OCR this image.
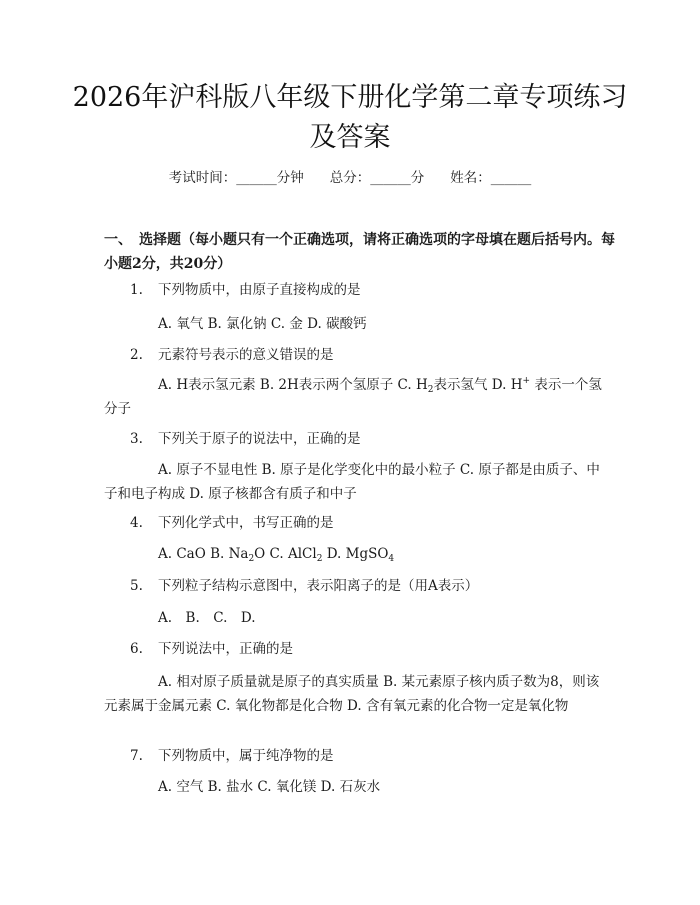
2026年沪科版八年级下册化学第二章专项练习及答案
考试时间：______分钟 总分：______分 姓名：______
一、　选择题（每小题只有一个正确选项，请将正确选项的字母填在题后括号内。每小题2分，共20分）
1. 下列物质中，由原子直接构成的是
A. 氧气 B. 氯化钠 C. 金 D. 碳酸钙
2. 元素符号表示的意义错误的是
A. H表示氢元素 B. 2H表示两个氢原子 C. $H_2$表示氢气 D. H+ 表示一个氢分子
3. 下列关于原子的说法中，正确的是
A. 原子不显电性 B. 原子是化学变化中的最小粒子 C. 原子都是由质子、中子和电子构成 D. 原子核都含有质子和中子
4. 下列化学式中，书写正确的是
A. CaO B. $Na_2O$ C. AlCl$_2$ D. MgSO$_4$
5. 下列粒子结构示意图中，表示阳离子的是（用A表示）
A.　B.　C.　D.
6. 下列说法中，正确的是
A. 相对原子质量就是原子的真实质量 B. 某元素原子核内质子数为8，则该元素属于金属元素 C. 氧化物都是化合物 D. 含有氧元素的化合物一定是氧化物
7. 下列物质中，属于纯净物的是
A. 空气 B. 盐水 C. 氧化镁 D. 石灰水
